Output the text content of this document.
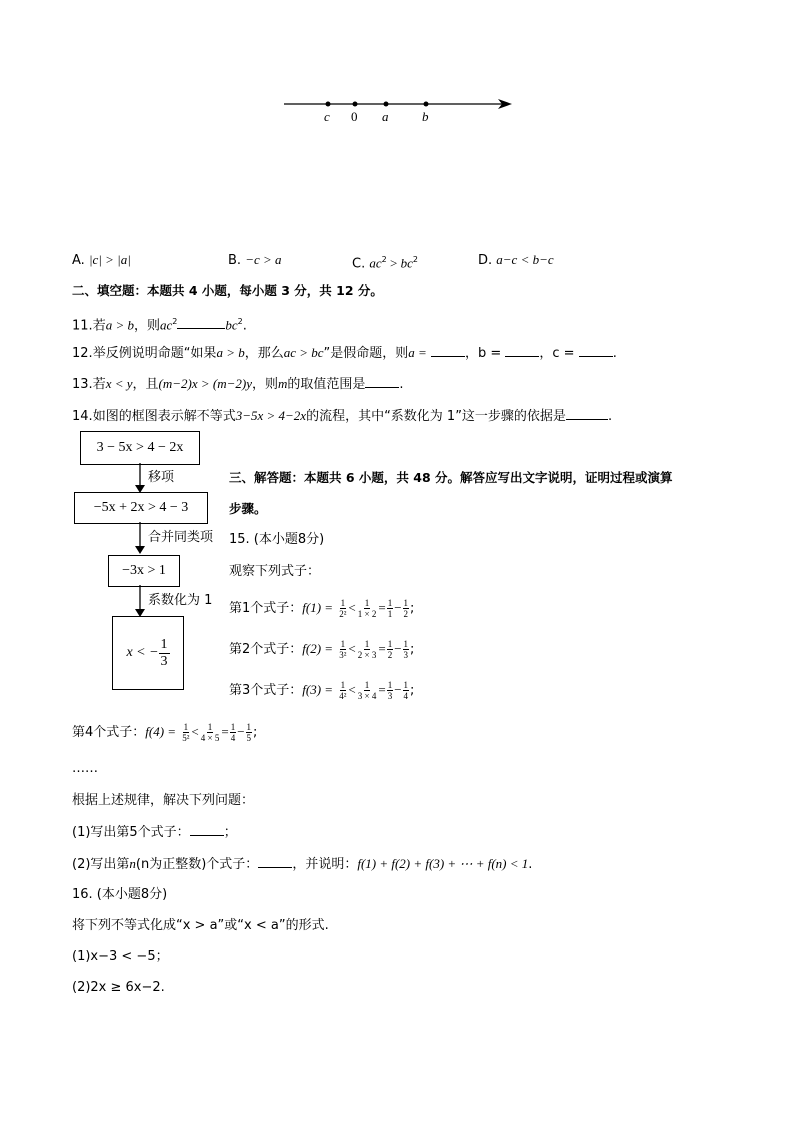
c 0 a	b
A. |c| > |a|	B. −c > a	C. $ac^2 > bc^2$	D. a−c < b−c
二、填空题：本题共 4 小题，每小题 3 分，共 12 分。
11.若a > b，则$ac^2$	$bc^2$.
12.举反例说明命题“如果a > b，那么ac > bc”是假命题，则a =	，b =	，c =	.
13.若x < y，且(m−2)x > (m−2)y，则m的取值范围是	.
14.如图的框图表示解不等式3−5x > 4−2x的流程，其中“系数化为 1”这一步骤的依据是	.
3 − 5x > 4 − 2x
移项
−5x + 2x > 4 − 3
合并同类项
−3x > 1
系数化为 1
x < − $\frac{1}{3}$
三、解答题：本题共 6 小题，共 48 分。解答应写出文字说明，证明过程或演算
步骤。
15. (本小题8分)
观察下列式子：
第1个式子：$f(1) = \frac{1}{\text{2²}} < \frac{1}{1 \times 2} = \frac{1}{1} - \frac{1}{2}$ ;
第2个式子：$f(2) = \frac{1}{\text{3²}} < \frac{1}{2 \times 3} = \frac{1}{2} - \frac{1}{3}$ ;
第3个式子：$f(3) = \frac{1}{\text{4²}} < \frac{1}{3 \times 4} = \frac{1}{3} - \frac{1}{4}$ ;
第4个式子：$f(4) = \frac{1}{\text{5²}} < \frac{1}{4 \times 5} = \frac{1}{4} - \frac{1}{5}$ ;
……
根据上述规律，解决下列问题：
(1)写出第5个式子：	；
(2)写出第n(n为正整数)个式子：	，并说明：f(1) + f(2) + f(3) + ⋯ + f(n) < 1.
16. (本小题8分)
将下列不等式化成“x > a”或“x < a”的形式.
(1)x−3 < −5；
(2)2x ≥ 6x−2.
